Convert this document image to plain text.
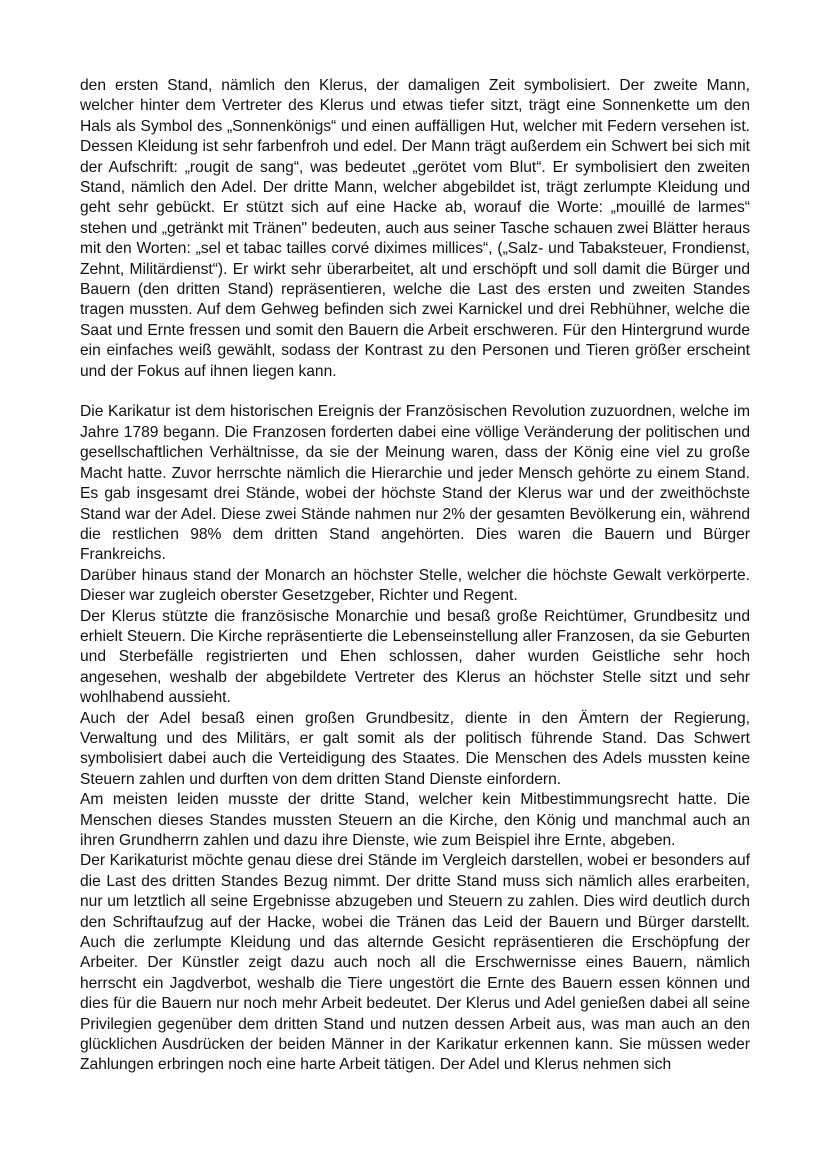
den ersten Stand, nämlich den Klerus, der damaligen Zeit symbolisiert. Der zweite Mann, welcher hinter dem Vertreter des Klerus und etwas tiefer sitzt, trägt eine Sonnenkette um den Hals als Symbol des „Sonnenkönigs“ und einen auffälligen Hut, welcher mit Federn versehen ist. Dessen Kleidung ist sehr farbenfroh und edel. Der Mann trägt außerdem ein Schwert bei sich mit der Aufschrift: „rougit de sang“, was bedeutet „gerötet vom Blut“. Er symbolisiert den zweiten Stand, nämlich den Adel. Der dritte Mann, welcher abgebildet ist, trägt zerlumpte Kleidung und geht sehr gebückt. Er stützt sich auf eine Hacke ab, worauf die Worte: „mouillé de larmes“ stehen und „getränkt mit Tränen" bedeuten, auch aus seiner Tasche schauen zwei Blätter heraus mit den Worten: „sel et tabac tailles corvé diximes millices“, („Salz- und Tabaksteuer, Frondienst, Zehnt, Militärdienst“). Er wirkt sehr überarbeitet, alt und erschöpft und soll damit die Bürger und Bauern (den dritten Stand) repräsentieren, welche die Last des ersten und zweiten Standes tragen mussten. Auf dem Gehweg befinden sich zwei Karnickel und drei Rebhühner, welche die Saat und Ernte fressen und somit den Bauern die Arbeit erschweren. Für den Hintergrund wurde ein einfaches weiß gewählt, sodass der Kontrast zu den Personen und Tieren größer erscheint und der Fokus auf ihnen liegen kann.

Die Karikatur ist dem historischen Ereignis der Französischen Revolution zuzuordnen, welche im Jahre 1789 begann. Die Franzosen forderten dabei eine völlige Veränderung der politischen und gesellschaftlichen Verhältnisse, da sie der Meinung waren, dass der König eine viel zu große Macht hatte. Zuvor herrschte nämlich die Hierarchie und jeder Mensch gehörte zu einem Stand. Es gab insgesamt drei Stände, wobei der höchste Stand der Klerus war und der zweithöchste Stand war der Adel. Diese zwei Stände nahmen nur 2% der gesamten Bevölkerung ein, während die restlichen 98% dem dritten Stand angehörten. Dies waren die Bauern und Bürger Frankreichs.

Darüber hinaus stand der Monarch an höchster Stelle, welcher die höchste Gewalt verkörperte. Dieser war zugleich oberster Gesetzgeber, Richter und Regent.

Der Klerus stützte die französische Monarchie und besaß große Reichtümer, Grundbesitz und erhielt Steuern. Die Kirche repräsentierte die Lebenseinstellung aller Franzosen, da sie Geburten und Sterbefälle registrierten und Ehen schlossen, daher wurden Geistliche sehr hoch angesehen, weshalb der abgebildete Vertreter des Klerus an höchster Stelle sitzt und sehr wohlhabend aussieht.

Auch der Adel besaß einen großen Grundbesitz, diente in den Ämtern der Regierung, Verwaltung und des Militärs, er galt somit als der politisch führende Stand. Das Schwert symbolisiert dabei auch die Verteidigung des Staates. Die Menschen des Adels mussten keine Steuern zahlen und durften von dem dritten Stand Dienste einfordern.

Am meisten leiden musste der dritte Stand, welcher kein Mitbestimmungsrecht hatte. Die Menschen dieses Standes mussten Steuern an die Kirche, den König und manchmal auch an ihren Grundherrn zahlen und dazu ihre Dienste, wie zum Beispiel ihre Ernte, abgeben.

Der Karikaturist möchte genau diese drei Stände im Vergleich darstellen, wobei er besonders auf die Last des dritten Standes Bezug nimmt. Der dritte Stand muss sich nämlich alles erarbeiten, nur um letztlich all seine Ergebnisse abzugeben und Steuern zu zahlen. Dies wird deutlich durch den Schriftaufzug auf der Hacke, wobei die Tränen das Leid der Bauern und Bürger darstellt. Auch die zerlumpte Kleidung und das alternde Gesicht repräsentieren die Erschöpfung der Arbeiter. Der Künstler zeigt dazu auch noch all die Erschwernisse eines Bauern, nämlich herrscht ein Jagdverbot, weshalb die Tiere ungestört die Ernte des Bauern essen können und dies für die Bauern nur noch mehr Arbeit bedeutet. Der Klerus und Adel genießen dabei all seine Privilegien gegenüber dem dritten Stand und nutzen dessen Arbeit aus, was man auch an den glücklichen Ausdrücken der beiden Männer in der Karikatur erkennen kann. Sie müssen weder Zahlungen erbringen noch eine harte Arbeit tätigen. Der Adel und Klerus nehmen sich
